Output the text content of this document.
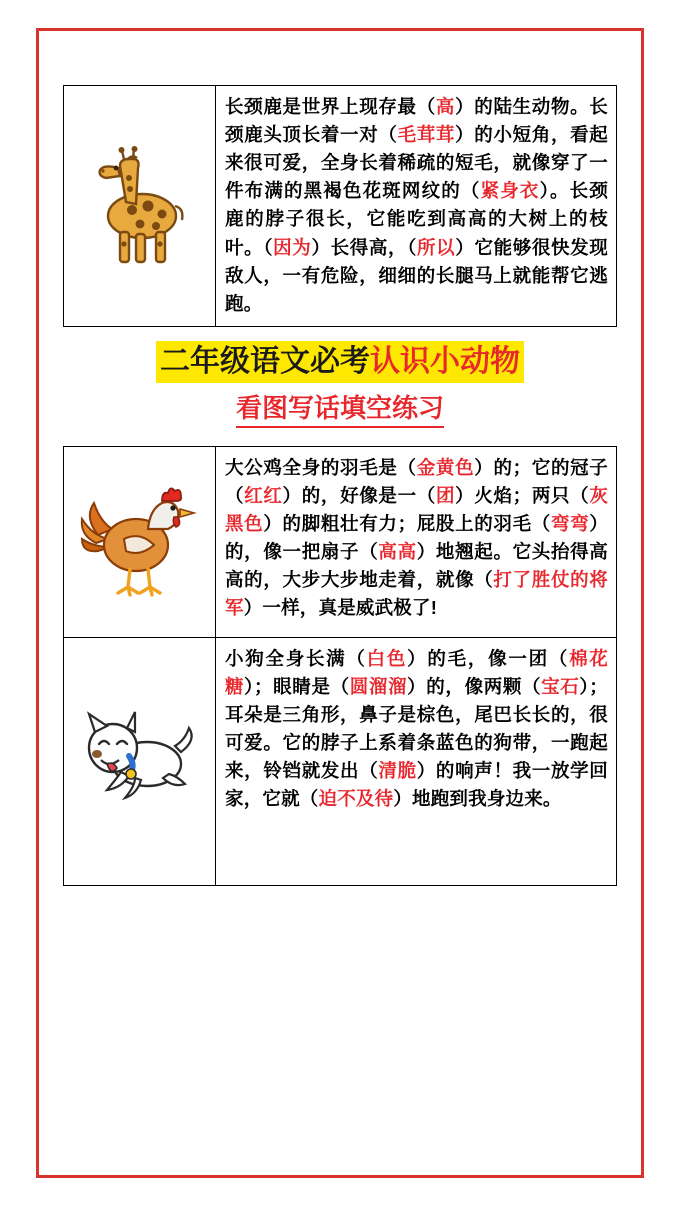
长颈鹿是世界上现存最（高）的陆生动物。长颈鹿头顶长着一对（毛茸茸）的小短角，看起来很可爱，全身长着稀疏的短毛，就像穿了一件布满的黑褐色花斑网纹的（紧身衣）。长颈鹿的脖子很长，它能吃到高高的大树上的枝叶。（因为）长得高，（所以）它能够很快发现敌人，一有危险，细细的长腿马上就能帮它逃跑。
二年级语文必考认识小动物
看图写话填空练习
大公鸡全身的羽毛是（金黄色）的；它的冠子（红红）的，好像是一（团）火焰；两只（灰黑色）的脚粗壮有力；屁股上的羽毛（弯弯）的，像一把扇子（高高）地翘起。它头抬得高高的，大步大步地走着，就像（打了胜仗的将军）一样，真是威武极了!
小狗全身长满（白色）的毛，像一团（棉花糖）；眼睛是（圆溜溜）的，像两颗（宝石）；耳朵是三角形，鼻子是棕色，尾巴长长的，很可爱。它的脖子上系着条蓝色的狗带，一跑起来，铃铛就发出（清脆）的响声！我一放学回家，它就（迫不及待）地跑到我身边来。
